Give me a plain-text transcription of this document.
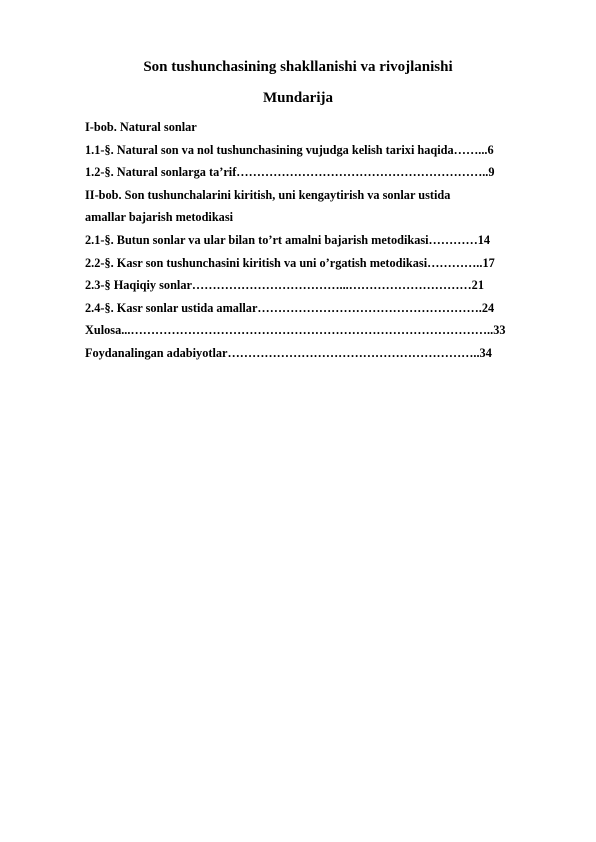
Son tushunchasining shakllanishi va rivojlanishi
Mundarija
I-bob. Natural sonlar
1.1-§. Natural son va nol tushunchasining vujudga kelish tarixi haqida……...6
1.2-§. Natural sonlarga ta’rif……………………………………………………..9
II-bob. Son tushunchalarini kiritish, uni kengaytirish va sonlar ustida
amallar bajarish metodikasi
2.1-§. Butun sonlar va ular bilan to’rt amalni bajarish metodikasi…………14
2.2-§. Kasr son tushunchasini kiritish va uni o’rgatish metodikasi…………..17
2.3-§ Haqiqiy sonlar………………………………...…………………………21
2.4-§. Kasr sonlar ustida amallar……………………………………………….24
Xulosa...……………………………………………………………………………..33
Foydanalingan adabiyotlar……………………………………………………..34
